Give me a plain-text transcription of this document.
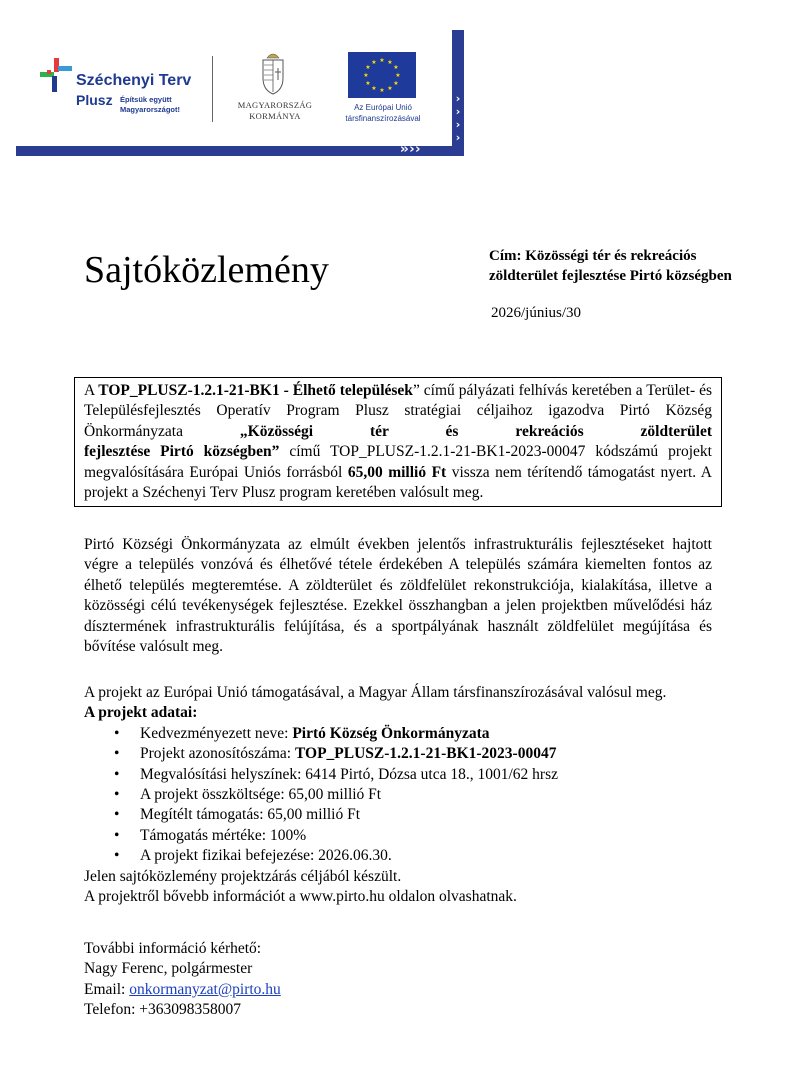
Széchenyi Terv
Plusz Építsük együtt
Magyarországot!	MAGYARORSZÁG
KORMÁNYA
★ ★
★
★
★
★
★
★
★
★
★
★
Az Európai Unió
társfinanszírozásával
›
›
›
›
›› › ›
Sajtóközlemény	Cím: Közösségi tér és rekreációs
zöldterület fejlesztése Pirtó községben
2026/június/30

A TOP_PLUSZ-1.2.1-21-BK1 - Élhető települések” című pályázati felhívás keretében a Terület- és Településfejlesztés Operatív Program Plusz stratégiai céljaihoz igazodva Pirtó Község Önkormányzata „Közösségi tér és rekreációs zöldterület

fejlesztése Pirtó községben” című TOP_PLUSZ-1.2.1-21-BK1-2023-00047 kódszámú projekt megvalósítására Európai Uniós forrásból 65,00 millió Ft vissza nem térítendő támogatást nyert. A projekt a Széchenyi Terv Plusz program keretében valósult meg.

Pirtó Községi Önkormányzata az elmúlt években jelentős infrastrukturális fejlesztéseket hajtott végre a település vonzóvá és élhetővé tétele érdekében A település számára kiemelten fontos az élhető település megteremtése. A zöldterület és zöldfelület rekonstrukciója, kialakítása, illetve a közösségi célú tevékenységek fejlesztése. Ezekkel összhangban a jelen projektben művelődési ház dísztermének infrastrukturális felújítása, és a sportpályának használt zöldfelület megújítása és bővítése valósult meg.

A projekt az Európai Unió támogatásával, a Magyar Állam társfinanszírozásával valósul meg.

A projekt adatai:

• Kedvezményezett neve: Pirtó Község Önkormányzata
• Projekt azonosítószáma: TOP_PLUSZ-1.2.1-21-BK1-2023-00047
• Megvalósítási helyszínek: 6414 Pirtó, Dózsa utca 18., 1001/62 hrsz
• A projekt összköltsége: 65,00 millió Ft
• Megítélt támogatás: 65,00 millió Ft
• Támogatás mértéke: 100%
• A projekt fizikai befejezése: 2026.06.30.

Jelen sajtóközlemény projektzárás céljából készült.

A projektről bővebb információt a www.pirto.hu oldalon olvashatnak.

További információ kérhető:

Nagy Ferenc, polgármester

Email: onkormanyzat@pirto.hu

Telefon: +363098358007
